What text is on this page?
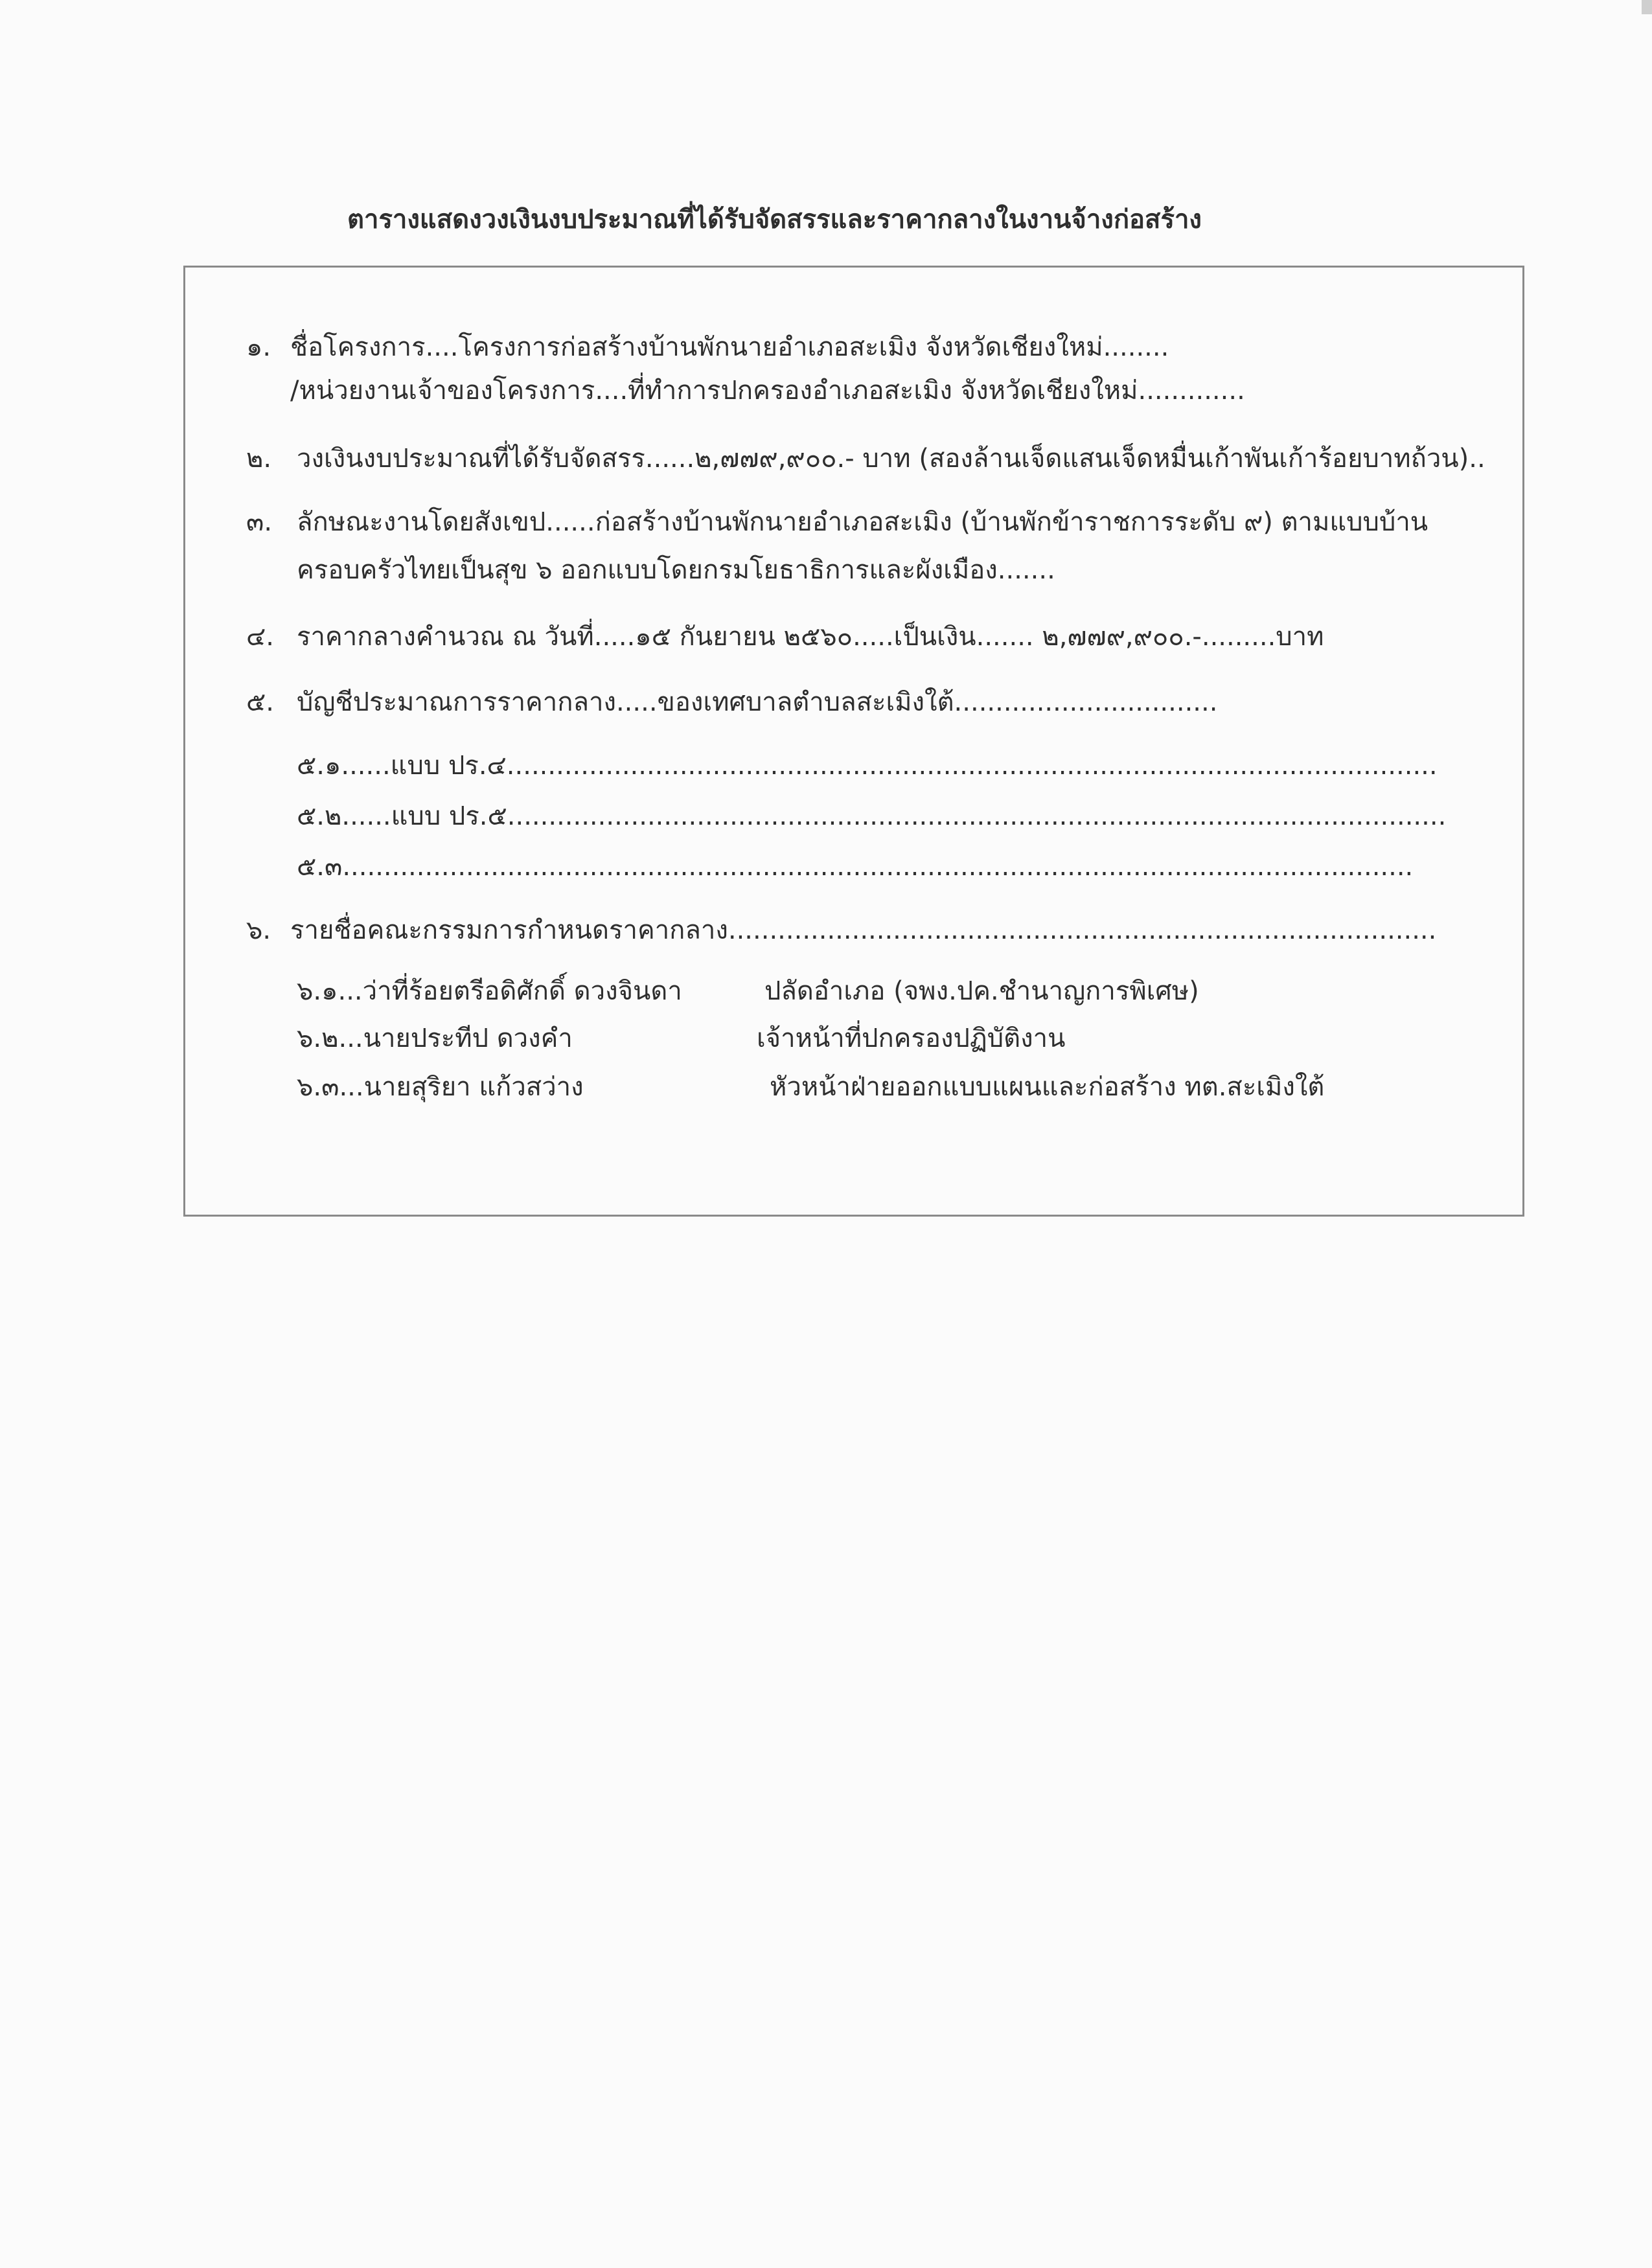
ตารางแสดงวงเงินงบประมาณที่ได้รับจัดสรรและราคากลางในงานจ้างก่อสร้าง
๑. ชื่อโครงการ....โครงการก่อสร้างบ้านพักนายอำเภอสะเมิง จังหวัดเชียงใหม่........
/หน่วยงานเจ้าของโครงการ....ที่ทำการปกครองอำเภอสะเมิง จังหวัดเชียงใหม่.............
๒. วงเงินงบประมาณที่ได้รับจัดสรร......๒,๗๗๙,๙๐๐.- บาท (สองล้านเจ็ดแสนเจ็ดหมื่นเก้าพันเก้าร้อยบาทถ้วน)..
๓. ลักษณะงานโดยสังเขป......ก่อสร้างบ้านพักนายอำเภอสะเมิง (บ้านพักข้าราชการระดับ ๙) ตามแบบบ้าน
ครอบครัวไทยเป็นสุข ๖ ออกแบบโดยกรมโยธาธิการและผังเมือง.......
๔. ราคากลางคำนวณ ณ วันที่.....๑๕ กันยายน ๒๕๖๐.....เป็นเงิน....... ๒,๗๗๙,๙๐๐.-.........บาท
๕. บัญชีประมาณการราคากลาง.....ของเทศบาลตำบลสะเมิงใต้................................
๕.๑......แบบ ปร.๔.................................................................................................................
๕.๒......แบบ ปร.๕..................................................................................................................
๕.๓..................................................................................................................................
๖. รายชื่อคณะกรรมการกำหนดราคากลาง......................................................................................
๖.๑...ว่าที่ร้อยตรีอดิศักดิ์ ดวงจินดา	ปลัดอำเภอ (จพง.ปค.ชำนาญการพิเศษ)
๖.๒...นายประทีป ดวงคำ	เจ้าหน้าที่ปกครองปฏิบัติงาน
๖.๓...นายสุริยา แก้วสว่าง	หัวหน้าฝ่ายออกแบบแผนและก่อสร้าง ทต.สะเมิงใต้
